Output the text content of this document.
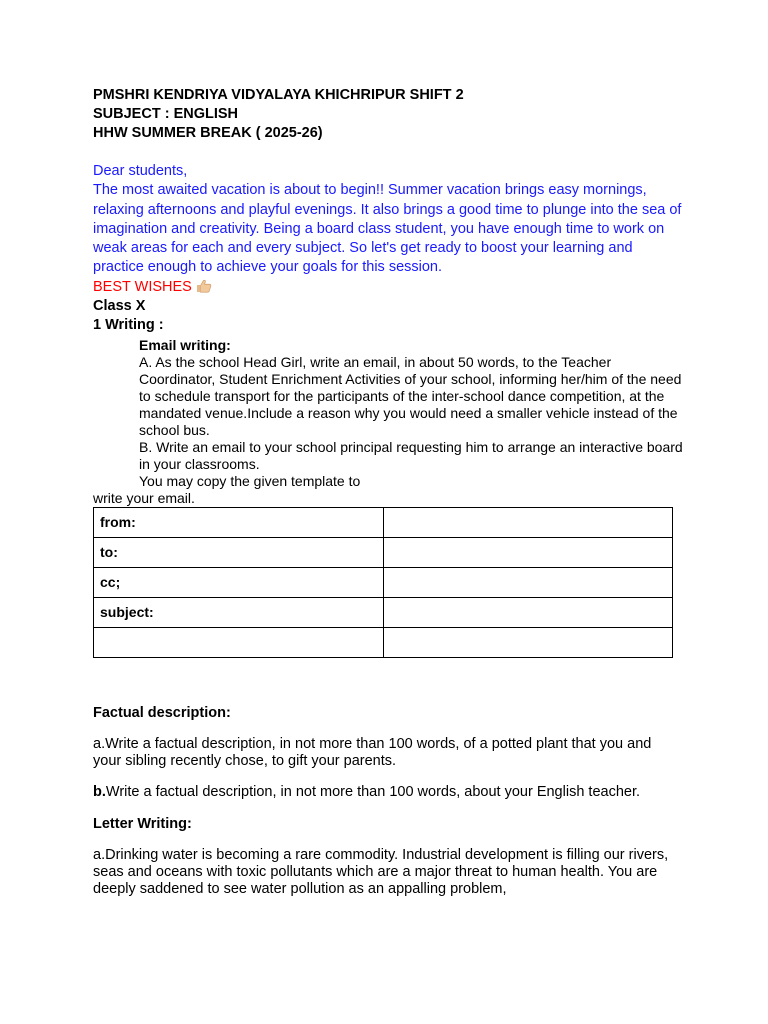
PMSHRI KENDRIYA VIDYALAYA KHICHRIPUR SHIFT 2
SUBJECT : ENGLISH
HHW SUMMER BREAK ( 2025-26)
Dear students,
The most awaited vacation is about to begin!! Summer vacation brings easy mornings, relaxing afternoons and playful evenings. It also brings a good time to plunge into the sea of imagination and creativity. Being a board class student, you have enough time to work on weak areas for each and every subject. So let's get ready to boost your learning and practice enough to achieve your goals for this session.
BEST WISHES
Class X
1 Writing :
Email writing:
A. As the school Head Girl, write an email, in about 50 words, to the Teacher Coordinator, Student Enrichment Activities of your school, informing her/him of the need to schedule transport for the participants of the inter-school dance competition, at the mandated venue.Include a reason why you would need a smaller vehicle instead of the school bus.
B. Write an email to your school principal requesting him to arrange an interactive board in your classrooms.
You may copy the given template to
write your email.
from:	
to:	
cc;	
subject:	

Factual description:
a.Write a factual description, in not more than 100 words, of a potted plant that you and your sibling recently chose, to gift your parents.
b.Write a factual description, in not more than 100 words, about your English teacher.
Letter Writing:
a.Drinking water is becoming a rare commodity. Industrial development is filling our rivers, seas and oceans with toxic pollutants which are a major threat to human health. You are deeply saddened to see water pollution as an appalling problem,
